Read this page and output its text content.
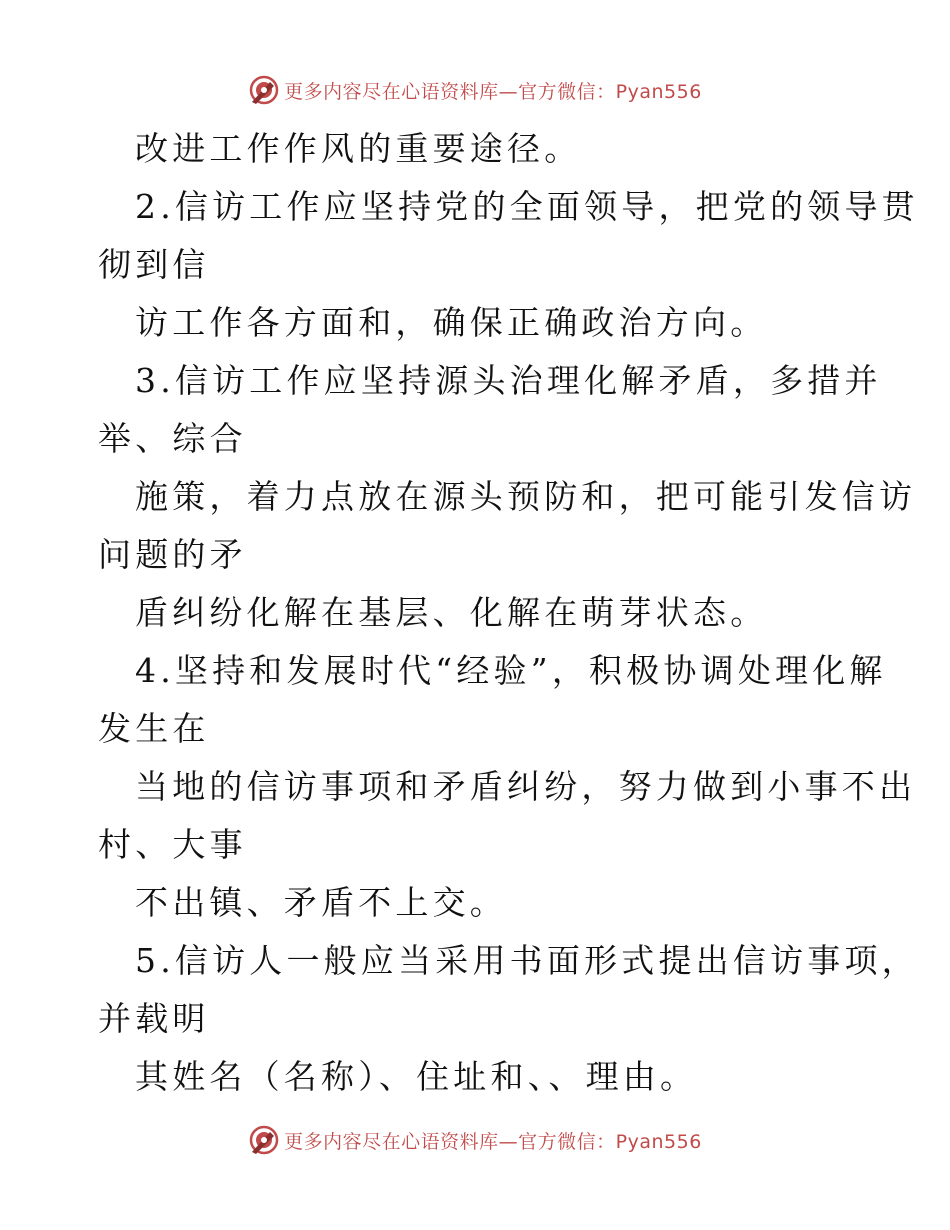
更多内容尽在心语资料库—官方微信：Pyan556
改进工作作风的重要途径。
2.信访工作应坚持党的全面领导，把党的领导贯
彻到信
访工作各方面和，确保正确政治方向。
3.信访工作应坚持源头治理化解矛盾，多措并
举、综合
施策，着力点放在源头预防和，把可能引发信访
问题的矛
盾纠纷化解在基层、化解在萌芽状态。
4.坚持和发展时代“经验”，积极协调处理化解
发生在
当地的信访事项和矛盾纠纷，努力做到小事不出
村、大事
不出镇、矛盾不上交。
5.信访人一般应当采用书面形式提出信访事项，
并载明
其姓名（名称）、住址和、、理由。
更多内容尽在心语资料库—官方微信：Pyan556
